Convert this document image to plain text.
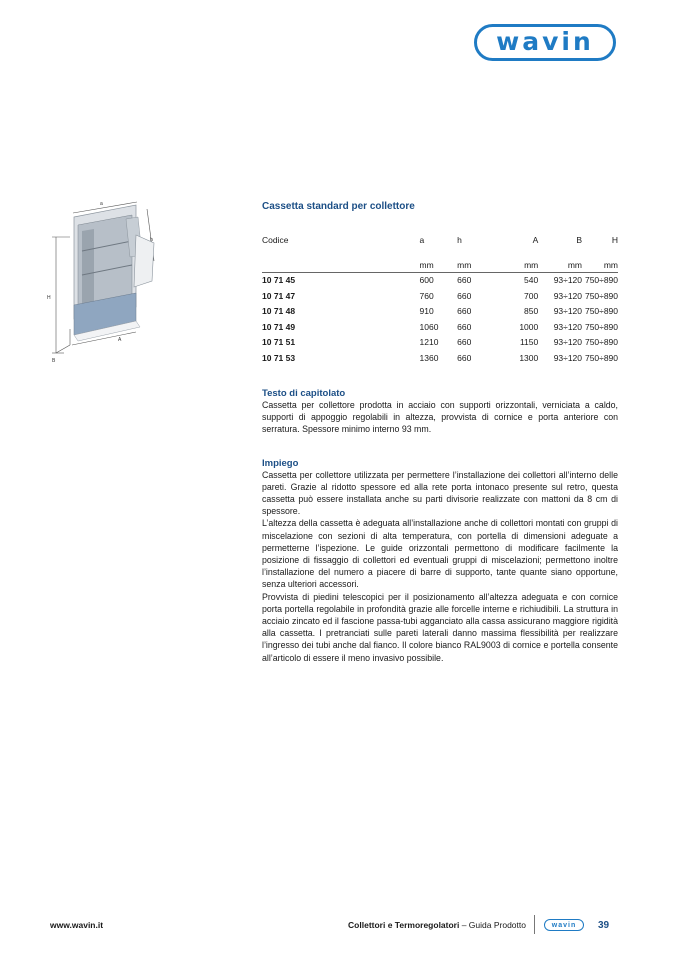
wavin
a
h
H
A
B
Cassetta standard per collettore
Codice	a	h	A	B	H
	mm	mm	mm	mm	mm
10 71 45	600	660	540	93÷120	750÷890
10 71 47	760	660	700	93÷120	750÷890
10 71 48	910	660	850	93÷120	750÷890
10 71 49	1060	660	1000	93÷120	750÷890
10 71 51	1210	660	1150	93÷120	750÷890
10 71 53	1360	660	1300	93÷120	750÷890
Testo di capitolato

Cassetta per collettore prodotta in acciaio con supporti orizzontali, verniciata a caldo, supporti di appoggio regolabili in altezza, provvista di cornice e porta anteriore con serratura. Spessore minimo interno 93 mm.

Impiego

Cassetta per collettore utilizzata per permettere l’installazione dei collettori all’interno delle pareti. Grazie al ridotto spessore ed alla rete porta intonaco presente sul retro, questa cassetta può essere installata anche su parti divisorie realizzate con mattoni da 8 cm di spessore.

L’altezza della cassetta è adeguata all’installazione anche di collettori montati con gruppi di miscelazione con sezioni di alta temperatura, con portella di dimensioni adeguate a permetterne l’ispezione. Le guide orizzontali permettono di modificare facilmente la posizione di fissaggio di collettori ed eventuali gruppi di miscelazioni; permettono inoltre l’installazione del numero a piacere di barre di supporto, tante quante siano opportune, senza ulteriori accessori.

Provvista di piedini telescopici per il posizionamento all’altezza adeguata e con cornice porta portella regolabile in profondità grazie alle forcelle interne e richiudibili. La struttura in acciaio zincato ed il fascione passa-tubi agganciato alla cassa assicurano maggiore rigidità alla cassetta. I pretranciati sulle pareti laterali danno massima flessibilità per realizzare l’ingresso dei tubi anche dal fianco. Il colore bianco RAL9003 di cornice e portella consente all’articolo di essere il meno invasivo possibile.

www.wavin.it	Collettori e Termoregolatori – Guida Prodotto	wavin 39
